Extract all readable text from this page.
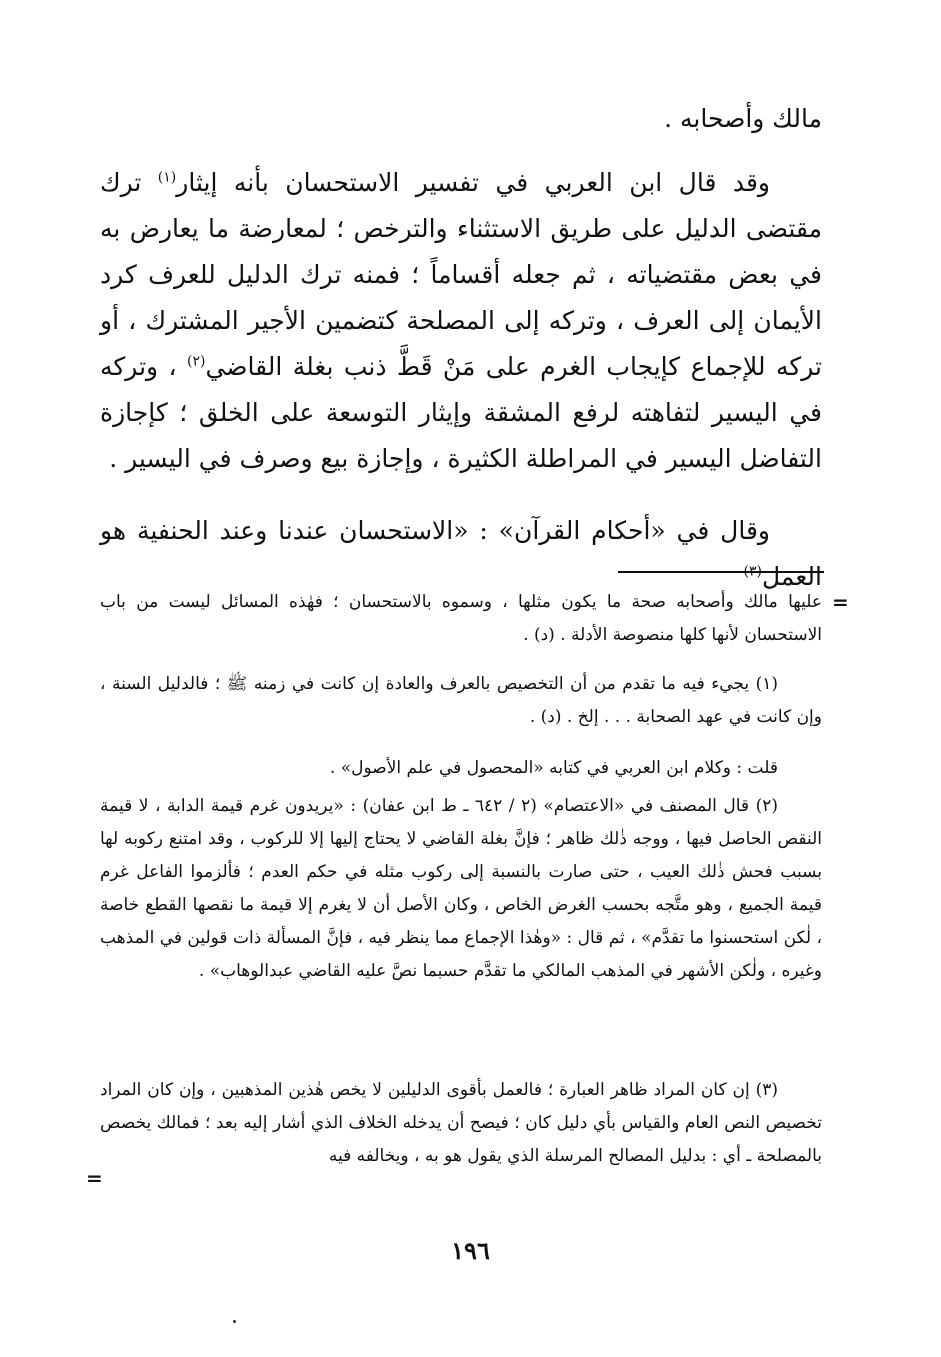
مالك وأصحابه .

وقد قال ابن العربي في تفسير الاستحسان بأنه إيثار$^{(١)}$ ترك مقتضى الدليل على طريق الاستثناء والترخص ؛ لمعارضة ما يعارض به في بعض مقتضياته ، ثم جعله أقساماً ؛ فمنه ترك الدليل للعرف كرد الأيمان إلى العرف ، وتركه إلى المصلحة كتضمين الأجير المشترك ، أو تركه للإجماع كإيجاب الغرم على مَنْ قَطَّ ذنب بغلة القاضي$^{(٢)}$ ، وتركه في اليسير لتفاهته لرفع المشقة وإيثار التوسعة على الخلق ؛ كإجازة التفاضل اليسير في المراطلة الكثيرة ، وإجازة بيع وصرف في اليسير .

وقال في «أحكام القرآن» : «الاستحسان عندنا وعند الحنفية هو العمل$^{(٣)}$

=

عليها مالك وأصحابه صحة ما يكون مثلها ، وسموه بالاستحسان ؛ فهٰذه المسائل ليست من باب الاستحسان لأنها كلها منصوصة الأدلة . (د) .

(١) يجيء فيه ما تقدم من أن التخصيص بالعرف والعادة إن كانت في زمنه ﷺ ؛ فالدليل السنة ، وإن كانت في عهد الصحابة . . . إلخ . (د) .

قلت : وكلام ابن العربي في كتابه «المحصول في علم الأصول» .

(٢) قال المصنف في «الاعتصام» (٢ / ٦٤٢ ـ ط ابن عفان) : «يريدون غرم قيمة الدابة ، لا قيمة النقص الحاصل فيها ، ووجه ذٰلك ظاهر ؛ فإنَّ بغلة القاضي لا يحتاج إليها إلا للركوب ، وقد امتنع ركوبه لها بسبب فحش ذٰلك العيب ، حتى صارت بالنسبة إلى ركوب مثله في حكم العدم ؛ فألزموا الفاعل غرم قيمة الجميع ، وهو متَّجه بحسب الغرض الخاص ، وكان الأصل أن لا يغرم إلا قيمة ما نقصها القطع خاصة ، لٰكن استحسنوا ما تقدَّم» ، ثم قال : «وهٰذا الإجماع مما ينظر فيه ، فإنَّ المسألة ذات قولين في المذهب وغيره ، ولٰكن الأشهر في المذهب المالكي ما تقدَّم حسبما نصَّ عليه القاضي عبدالوهاب» .

(٣) إن كان المراد ظاهر العبارة ؛ فالعمل بأقوى الدليلين لا يخص هٰذين المذهبين ، وإن كان المراد تخصيص النص العام والقياس بأي دليل كان ؛ فيصح أن يدخله الخلاف الذي أشار إليه بعد ؛ فمالك يخصص بالمصلحة ـ أي : بدليل المصالح المرسلة الذي يقول هو به ، ويخالفه فيه

=
١٩٦
